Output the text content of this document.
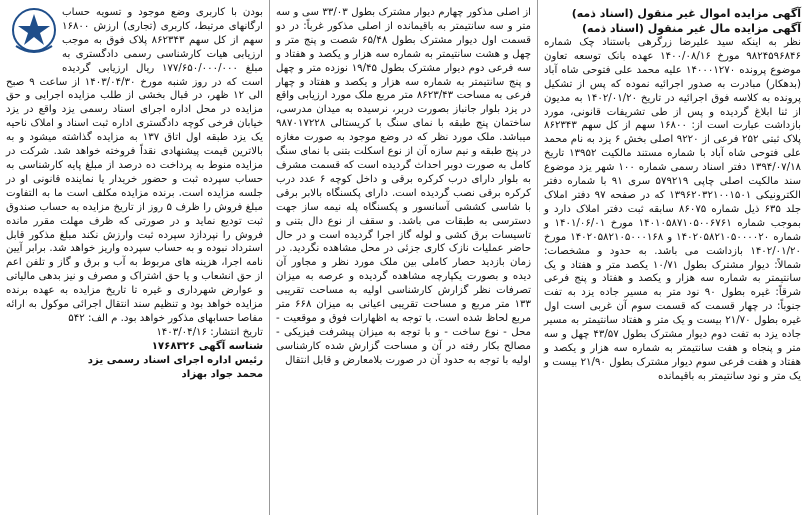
آگهی مزایده اموال غیر منقول (اسناد ذمه)

آگهی مزایده مال غیر منقول (اسناد ذمه)

نظر به اینکه سید علیرضا زرگرهی باستناد چک شماره ۹۸۲۴۵۹۶۸۴۶ مورخ ۱۴۰۰/۰۸/۱۶ عهده بانک توسعه تعاون موضوع پرونده ۱۴۰۰۰۱۲۷۰ علیه محمد علی فتوحی شاه آباد (بدهکار) مبادرت به صدور اجرائیه نموده که پس از تشکیل پرونده به کلاسه فوق اجرائیه در تاریخ ۱۴۰۲/۰۱/۲۰ به مدیون از ثنا ابلاغ گردیده و پس از طی تشریفات قانونی، مورد بازداشت عبارت است از: ۱۶۸۰۰ سهم از کل سهم ۸۶۲۳۴۳ پلاک ثبتی ۲۵۲ فرعی از ۹۲۲۰ اصلی بخش ۶ یزد به نام محمد علی فتوحی شاه آباد با شماره مستند مالکیت ۱۳۹۵۲ تاریخ ۱۳۹۴/۰۷/۱۸ دفتر اسناد رسمی شماره ۱۰۰ شهر یزد موضوع سند مالکیت اصلی چاپی ۵۷۹۲۱۹ سری ۹۱ با شماره دفتر الکترونیکی ۱۳۹۶۲۰۳۲۱۰۰۱۵۰۱ که در صفحه ۹۷ دفتر املاک جلد ۶۳۵ ذیل شماره ۸۶۰۷۵ سابقه ثبت دفتر املاک دارد و بموجب شماره ۱۴۰۱۰۵۸۷۱۰۵۰۰۶۷۶۱ مورخ ۱۴۰۱/۰۶/۰۱ و شماره ۱۴۰۲۰۵۸۲۱۰۵۰۰۰۰۲۰ و ۱۴۰۲۰۵۸۲۱۰۵۰۰۰۱۶۸ مورخ ۱۴۰۲/۰۱/۲۰ بازداشت می باشد. به حدود و مشخصات: شمالاً: دیوار مشترک بطول ۱۰/۷۱ یکصد متر و هفتاد و یک سانتیمتر به شماره سه هزار و یکصد و هفتاد و پنج فرعی شرقاً: غیره بطول ۹۰ نود متر به مسیر جاده یزد به تفت جنوباً: در چهار قسمت که قسمت سوم آن غربی است اول غیره بطول ۲۱/۷۰ بیست و یک متر و هفتاد سانتیمتر به مسیر جاده یزد به تفت دوم دیوار مشترک بطول ۴۳/۵۷ چهل و سه متر و پنجاه و هفت سانتیمتر به شماره سه هزار و یکصد و هفتاد و هفت فرعی سوم دیوار مشترک بطول ۲۱/۹۰ بیست و یک متر و نود سانتیمتر به باقیمانده

از اصلی مذکور چهارم دیوار مشترک بطول ۳۳/۰۳ سی و سه متر و سه سانتیمتر به باقیمانده از اصلی مذکور غرباً: در دو قسمت اول دیوار مشترک بطول ۶۵/۴۸ شصت و پنج متر و چهل و هشت سانتیمتر به شماره سه هزار و یکصد و هفتاد و سه فرعی دوم دیوار مشترک بطول ۱۹/۴۵ نوزده متر و چهل و پنج سانتیمتر به شماره سه هزار و یکصد و هفتاد و چهار فرعی به مساحت ۸۶۲۳/۴۳ متر مربع ملک مورد ارزیابی واقع در یزد بلوار جانباز بصورت دربر، نرسیده به میدان مدرسی، ساختمان پنج طبقه با نمای سنگ با کریستالی ۹۸۷۰۱۷۲۲۸ میباشد. ملک مورد نظر که در وضع موجود به صورت مغازه در پنج طبقه و نیم سازه آن از نوع اسکلت بتنی با نمای سنگ کامل به صورت دوبر احداث گردیده است که قسمت مشرف به بلوار دارای درب کرکره برقی و داخل کوچه ۶ عدد درب کرکره برقی نصب گردیده است. دارای پکسنگاه بالابر برقی با شاسی کششی آسانسور و پکسنگاه پله نیمه ساز جهت دسترسی به طبقات می باشد. و سقف از نوع دال بتنی و تاسیسات برق کشی و لوله گاز اجرا گردیده است و در حال حاضر عملیات نازک کاری جزئی در محل مشاهده نگردید. در زمان بازدید حصار کاملی بین ملک مورد نظر و مجاور آن دیده و بصورت یکپارچه مشاهده گردیده و عرصه به میزان تصرفات نظر گزارش کارشناسی اولیه به مساحت تقریبی ۱۳۳ متر مربع و مساحت تقریبی اعیانی به میزان ۶۶۸ متر مربع لحاظ شده است. با توجه به اظهارات فوق و موقعیت - محل - نوع ساخت - و با توجه به میزان پیشرفت فیزیکی - مصالح بکار رفته در آن و مساحت گزارش شده کارشناسی اولیه با توجه به حدود آن در صورت بلامعارض و قابل انتقال

بودن با کاربری وضع موجود و تسویه حساب ارگانهای مرتبط، کاربری (تجاری) ارزش ۱۶۸۰۰ سهم از کل سهم ۸۶۲۳۴۳ پلاک فوق به موجب ارزیابی هیات کارشناسی رسمی دادگستری به مبلغ ۱۷۷/۶۵۰/۰۰۰/۰۰۰ ریال ارزیابی گردیده است که در روز شنبه مورخ ۱۴۰۳/۰۴/۳۰ از ساعت ۹ صبح الی ۱۲ ظهر، در قبال بخشی از طلب مزایده اجرایی و حق مزایده در محل اداره اجرای اسناد رسمی یزد واقع در یزد خیابان فرخی کوچه دادگستری اداره ثبت اسناد و املاک ناحیه یک یزد طبقه اول اتاق ۱۳۷ به مزایده گذاشته میشود و به بالاترین قیمت پیشنهادی نقداً فروخته خواهد شد. شرکت در مزایده منوط به پرداخت ده درصد از مبلغ پایه کارشناسی به حساب سپرده ثبت و حضور خریدار یا نماینده قانونی او در جلسه مزایده است. برنده مزایده مکلف است ما به التفاوت مبلغ فروش را ظرف ۵ روز از تاریخ مزایده به حساب صندوق ثبت تودیع نماید و در صورتی که ظرف مهلت مقرر مانده فروش را نپردازد سپرده ثبت وارزش نکند مبلغ مذکور قابل استرداد نبوده و به حساب سپرده واریز خواهد شد. برابر آیین نامه اجرا، هزینه های مربوط به آب و برق و گاز و تلفن اعم از حق انشعاب و یا حق اشتراک و مصرف و نیز بدهی مالیاتی و عوارض شهرداری و غیره تا تاریخ مزایده به عهده برنده مزایده خواهد بود و تنظیم سند انتقال اجرائی موکول به ارائه مفاصا حسابهای مذکور خواهد بود. م الف: ۵۴۲

تاریخ انتشار: ۱۴۰۳/۰۴/۱۶

شناسه آگهی ۱۷۶۸۳۲۶

رئیس اداره اجرای اسناد رسمی یزد

محمد جواد بهزاد
